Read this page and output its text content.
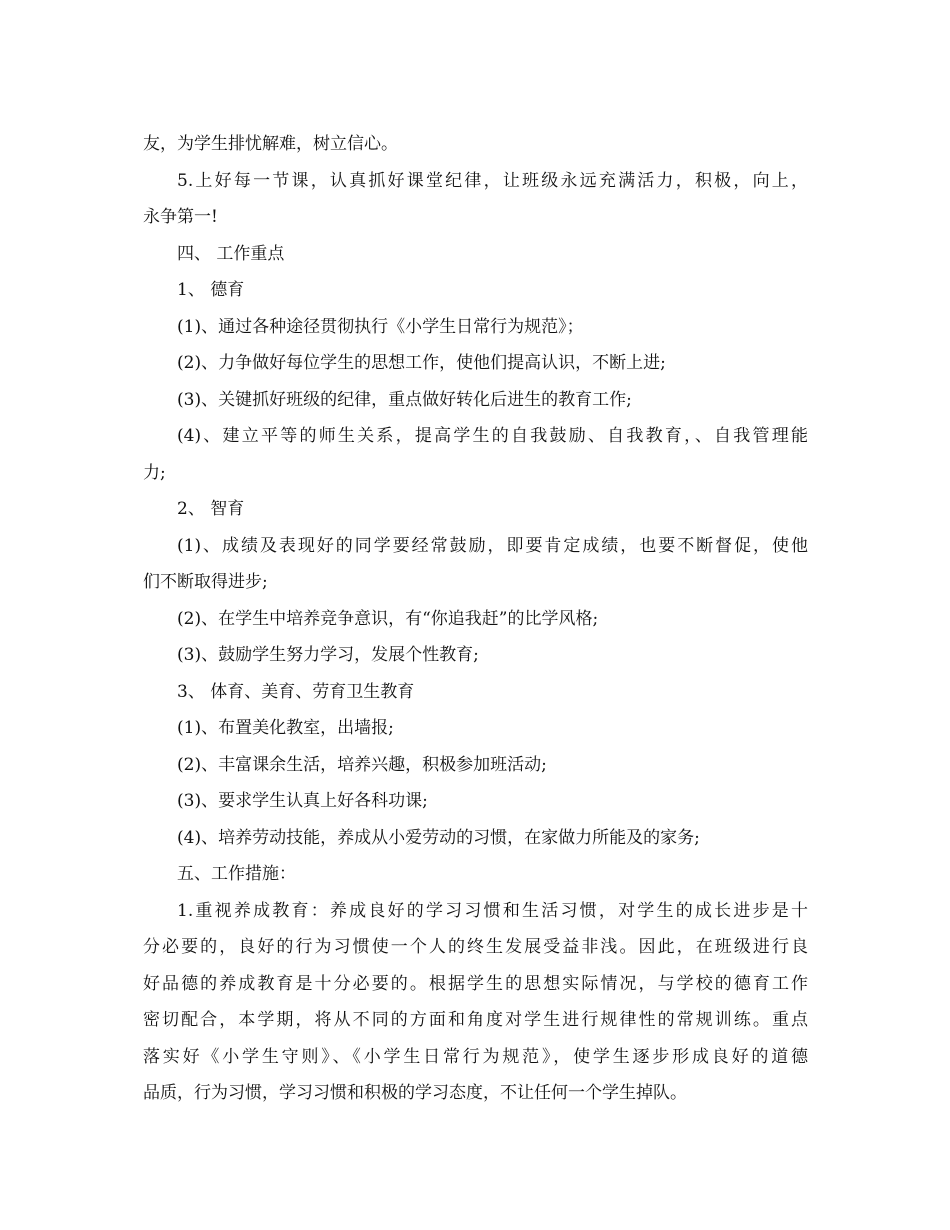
友，为学生排忧解难，树立信心。
5.上好每一节课，认真抓好课堂纪律，让班级永远充满活力，积极，向上，
永争第一!
四、 工作重点
1、 德育
(1)、通过各种途径贯彻执行《小学生日常行为规范》；
(2)、力争做好每位学生的思想工作，使他们提高认识，不断上进;
(3)、关键抓好班级的纪律，重点做好转化后进生的教育工作;
(4)、建立平等的师生关系，提高学生的自我鼓励、自我教育，、自我管理能
力;
2、 智育
(1)、成绩及表现好的同学要经常鼓励，即要肯定成绩，也要不断督促，使他
们不断取得进步;
(2)、在学生中培养竞争意识，有“你追我赶”的比学风格;
(3)、鼓励学生努力学习，发展个性教育;
3、 体育、美育、劳育卫生教育
(1)、布置美化教室，出墙报;
(2)、丰富课余生活，培养兴趣，积极参加班活动;
(3)、要求学生认真上好各科功课;
(4)、培养劳动技能，养成从小爱劳动的习惯，在家做力所能及的家务;
五、工作措施：
1.重视养成教育：养成良好的学习习惯和生活习惯，对学生的成长进步是十
分必要的，良好的行为习惯使一个人的终生发展受益非浅。因此，在班级进行良
好品德的养成教育是十分必要的。根据学生的思想实际情况，与学校的德育工作
密切配合，本学期，将从不同的方面和角度对学生进行规律性的常规训练。重点
落实好《小学生守则》、《小学生日常行为规范》，使学生逐步形成良好的道德
品质，行为习惯，学习习惯和积极的学习态度，不让任何一个学生掉队。
